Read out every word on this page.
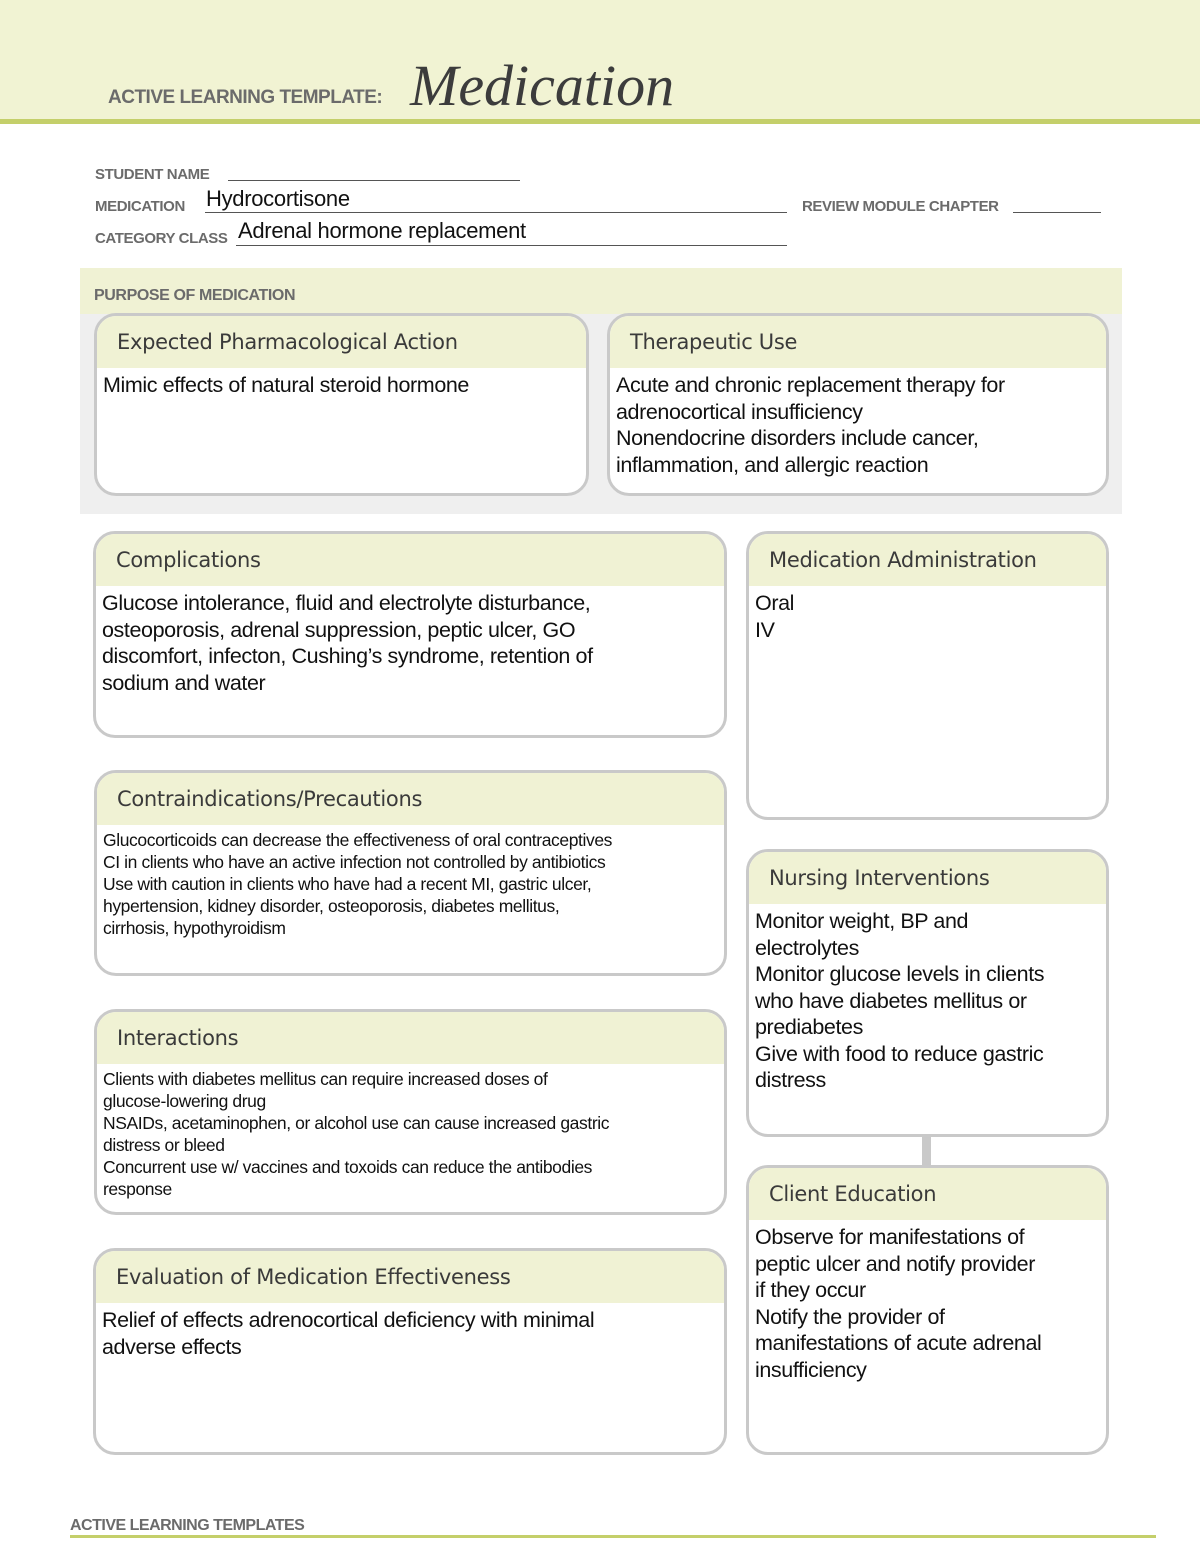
ACTIVE LEARNING TEMPLATE: Medication
STUDENT NAME
MEDICATION Hydrocortisone	REVIEW MODULE CHAPTER
CATEGORY CLASS Adrenal hormone replacement
PURPOSE OF MEDICATION
Expected Pharmacological Action
Mimic effects of natural steroid hormone
Therapeutic Use
Acute and chronic replacement therapy for
adrenocortical insufficiency
Nonendocrine disorders include cancer,
inflammation, and allergic reaction
Complications
Glucose intolerance, fluid and electrolyte disturbance,
osteoporosis, adrenal suppression, peptic ulcer, GO
discomfort, infecton, Cushing’s syndrome, retention of
sodium and water
Medication Administration
Oral
IV
Contraindications/Precautions
Glucocorticoids can decrease the effectiveness of oral contraceptives
CI in clients who have an active infection not controlled by antibiotics
Use with caution in clients who have had a recent MI, gastric ulcer,
hypertension, kidney disorder, osteoporosis, diabetes mellitus,
cirrhosis, hypothyroidism
Nursing Interventions
Monitor weight, BP and
electrolytes
Monitor glucose levels in clients
who have diabetes mellitus or
prediabetes
Give with food to reduce gastric
distress
Interactions
Clients with diabetes mellitus can require increased doses of
glucose-lowering drug
NSAIDs, acetaminophen, or alcohol use can cause increased gastric
distress or bleed
Concurrent use w/ vaccines and toxoids can reduce the antibodies
response	Client Education
Observe for manifestations of
peptic ulcer and notify provider
if they occur
Notify the provider of
manifestations of acute adrenal
insufficiency
Evaluation of Medication Effectiveness
Relief of effects adrenocortical deficiency with minimal
adverse effects
ACTIVE LEARNING TEMPLATES
